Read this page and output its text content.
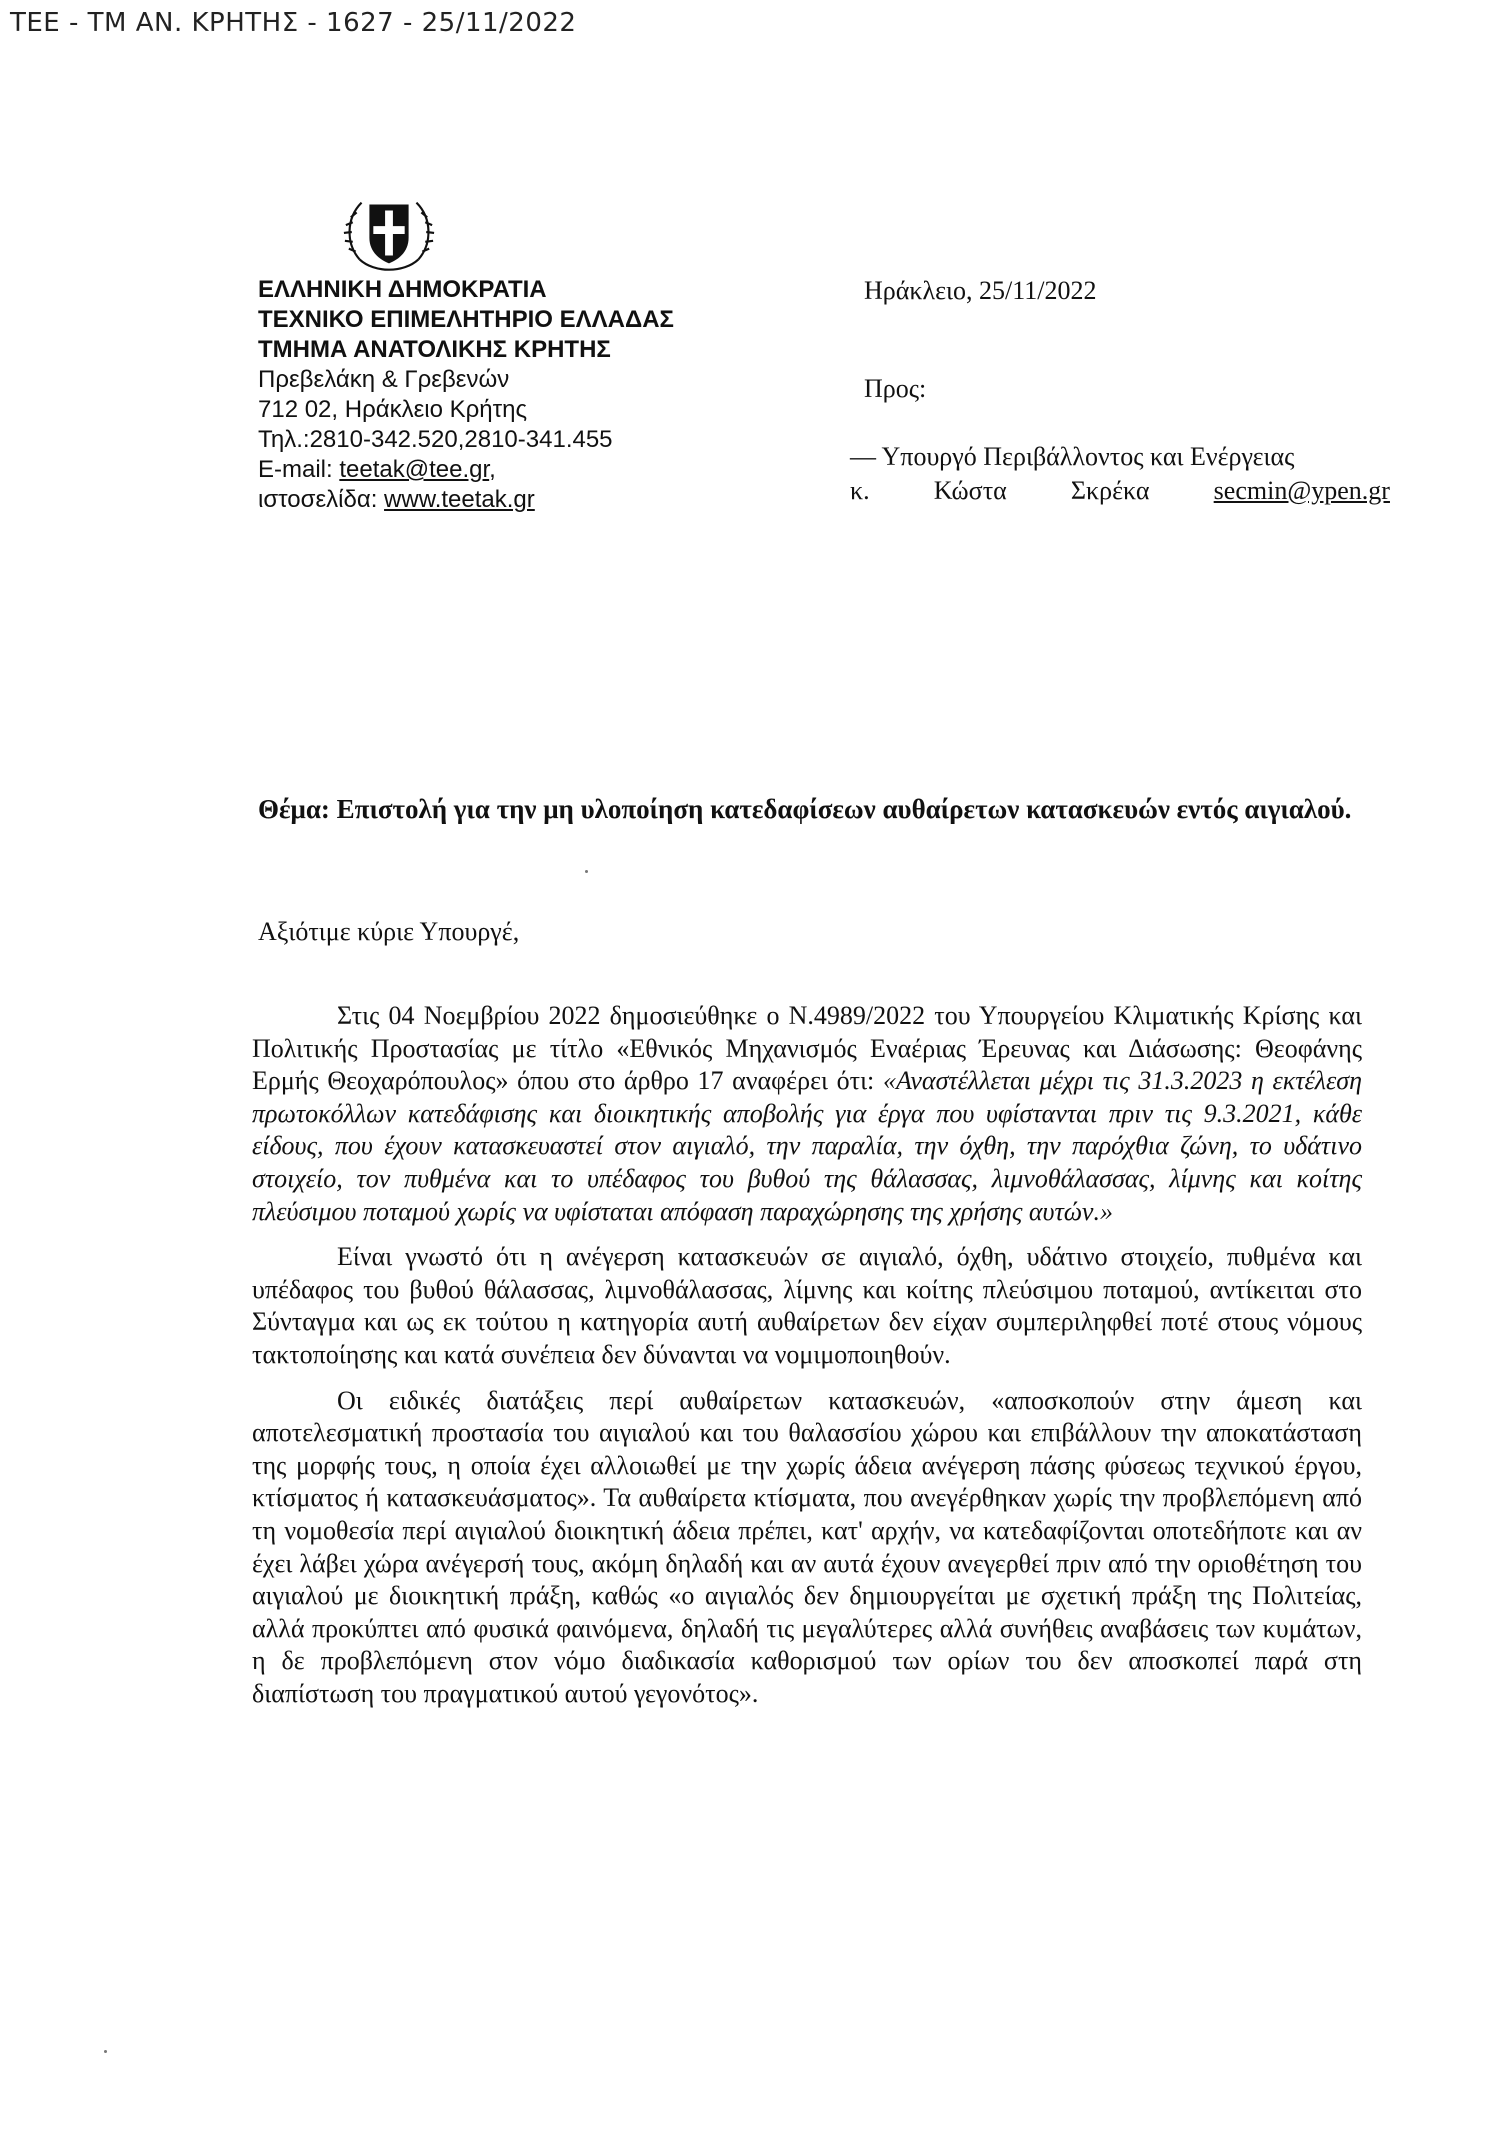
ΤΕΕ - ΤΜ ΑΝ. ΚΡΗΤΗΣ - 1627 - 25/11/2022
ΕΛΛΗΝΙΚΗ ΔΗΜΟΚΡΑΤΙΑ
ΤΕΧΝΙΚΟ ΕΠΙΜΕΛΗΤΗΡΙΟ ΕΛΛΑΔΑΣ
ΤΜΗΜΑ ΑΝΑΤΟΛΙΚΗΣ ΚΡΗΤΗΣ
Πρεβελάκη & Γρεβενών
712 02, Ηράκλειο Κρήτης
Τηλ.:2810-342.520,2810-341.455
E-mail: teetak@tee.gr,
ιστοσελίδα: www.teetak.gr
Ηράκλειο, 25/11/2022
Προς:
— Υπουργό Περιβάλλοντος και Ενέργειας
κ. Κώστα Σκρέκα secmin@ypen.gr
Θέμα: Επιστολή για την μη υλοποίηση κατεδαφίσεων αυθαίρετων κατασκευών εντός αιγιαλού.
Αξιότιμε κύριε Υπουργέ,

Στις 04 Νοεμβρίου 2022 δημοσιεύθηκε ο Ν.4989/2022 του Υπουργείου Κλιματικής Κρίσης και Πολιτικής Προστασίας με τίτλο «Εθνικός Μηχανισμός Εναέριας Έρευνας και Διάσωσης: Θεοφάνης Ερμής Θεοχαρόπουλος» όπου στο άρθρο 17 αναφέρει ότι: «Αναστέλλεται μέχρι τις 31.3.2023 η εκτέλεση πρωτοκόλλων κατεδάφισης και διοικητικής αποβολής για έργα που υφίστανται πριν τις 9.3.2021, κάθε είδους, που έχουν κατασκευαστεί στον αιγιαλό, την παραλία, την όχθη, την παρόχθια ζώνη, το υδάτινο στοιχείο, τον πυθμένα και το υπέδαφος του βυθού της θάλασσας, λιμνοθάλασσας, λίμνης και κοίτης πλεύσιμου ποταμού χωρίς να υφίσταται απόφαση παραχώρησης της χρήσης αυτών.»

Είναι γνωστό ότι η ανέγερση κατασκευών σε αιγιαλό, όχθη, υδάτινο στοιχείο, πυθμένα και υπέδαφος του βυθού θάλασσας, λιμνοθάλασσας, λίμνης και κοίτης πλεύσιμου ποταμού, αντίκειται στο Σύνταγμα και ως εκ τούτου η κατηγορία αυτή αυθαίρετων δεν είχαν συμπεριληφθεί ποτέ στους νόμους τακτοποίησης και κατά συνέπεια δεν δύνανται να νομιμοποιηθούν.

Οι ειδικές διατάξεις περί αυθαίρετων κατασκευών, «αποσκοπούν στην άμεση και αποτελεσματική προστασία του αιγιαλού και του θαλασσίου χώρου και επιβάλλουν την αποκατάσταση της μορφής τους, η οποία έχει αλλοιωθεί με την χωρίς άδεια ανέγερση πάσης φύσεως τεχνικού έργου, κτίσματος ή κατασκευάσματος». Τα αυθαίρετα κτίσματα, που ανεγέρθηκαν χωρίς την προβλεπόμενη από τη νομοθεσία περί αιγιαλού διοικητική άδεια πρέπει, κατ' αρχήν, να κατεδαφίζονται οποτεδήποτε και αν έχει λάβει χώρα ανέγερσή τους, ακόμη δηλαδή και αν αυτά έχουν ανεγερθεί πριν από την οριοθέτηση του αιγιαλού με διοικητική πράξη, καθώς «ο αιγιαλός δεν δημιουργείται με σχετική πράξη της Πολιτείας, αλλά προκύπτει από φυσικά φαινόμενα, δηλαδή τις μεγαλύτερες αλλά συνήθεις αναβάσεις των κυμάτων, η δε προβλεπόμενη στον νόμο διαδικασία καθορισμού των ορίων του δεν αποσκοπεί παρά στη διαπίστωση του πραγματικού αυτού γεγονότος».
